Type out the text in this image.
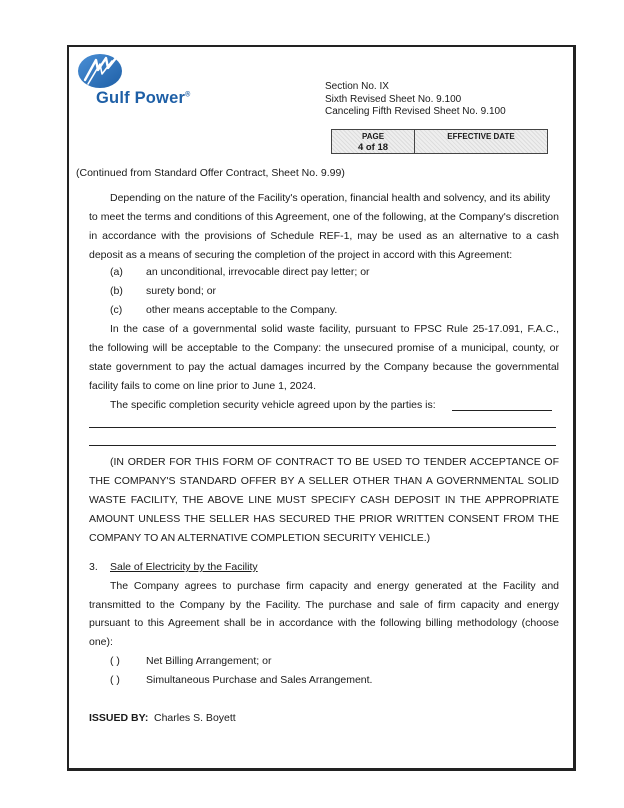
Gulf Power®
Section No. IX
Sixth Revised Sheet No. 9.100
Canceling Fifth Revised Sheet No. 9.100
PAGE
4 of 18
EFFECTIVE DATE
(Continued from Standard Offer Contract, Sheet No. 9.99)
Depending on the nature of the Facility's operation, financial health and solvency, and its ability
to meet the terms and conditions of this Agreement, one of the following, at the Company's discretion
in accordance with the provisions of Schedule REF-1, may be used as an alternative to a cash
deposit as a means of securing the completion of the project in accord with this Agreement:
(a) an unconditional, irrevocable direct pay letter; or
(b) surety bond; or
(c) other means acceptable to the Company.
In the case of a governmental solid waste facility, pursuant to FPSC Rule 25-17.091, F.A.C.,
the following will be acceptable to the Company: the unsecured promise of a municipal, county, or
state government to pay the actual damages incurred by the Company because the governmental
facility fails to come on line prior to June 1, 2024.
The specific completion security vehicle agreed upon by the parties is:
(IN ORDER FOR THIS FORM OF CONTRACT TO BE USED TO TENDER ACCEPTANCE OF
THE COMPANY'S STANDARD OFFER BY A SELLER OTHER THAN A GOVERNMENTAL SOLID
WASTE FACILITY, THE ABOVE LINE MUST SPECIFY CASH DEPOSIT IN THE APPROPRIATE
AMOUNT UNLESS THE SELLER HAS SECURED THE PRIOR WRITTEN CONSENT FROM THE
COMPANY TO AN ALTERNATIVE COMPLETION SECURITY VEHICLE.)
3. Sale of Electricity by the Facility
The Company agrees to purchase firm capacity and energy generated at the Facility and
transmitted to the Company by the Facility. The purchase and sale of firm capacity and energy
pursuant to this Agreement shall be in accordance with the following billing methodology (choose
one):
( ) Net Billing Arrangement; or
( ) Simultaneous Purchase and Sales Arrangement.
ISSUED BY: Charles S. Boyett
